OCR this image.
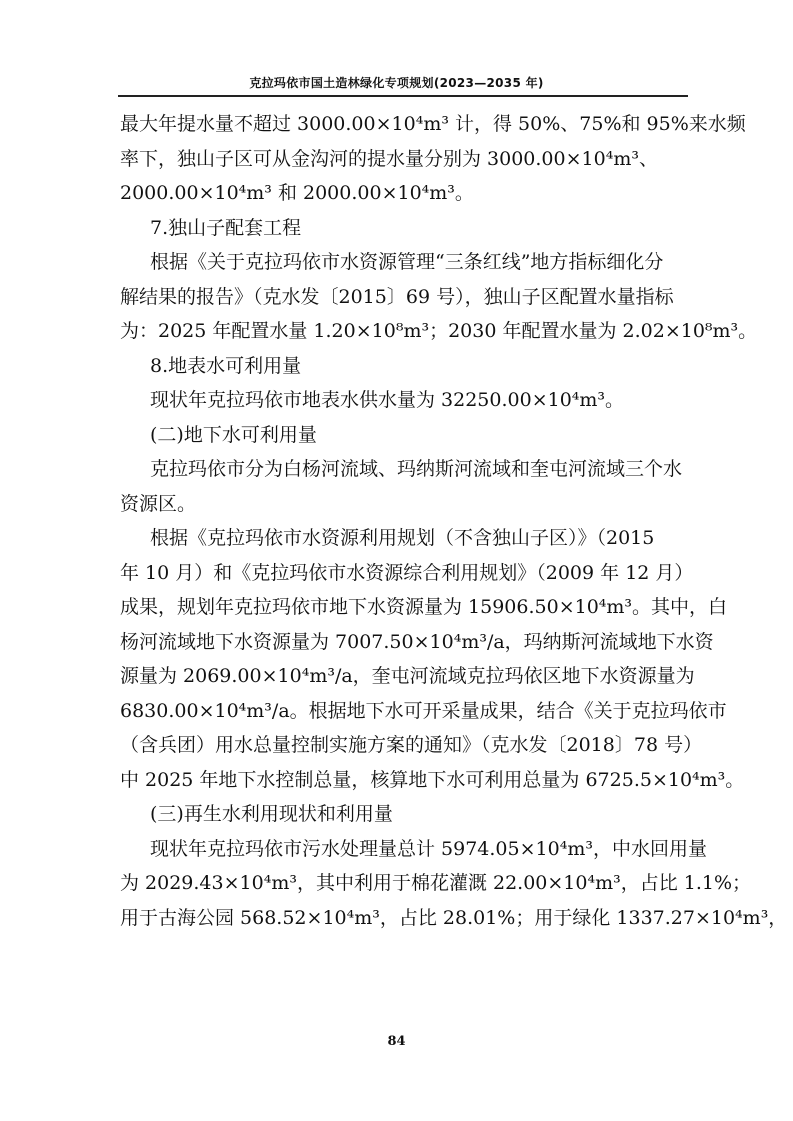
克拉玛依市国土造林绿化专项规划(2023—2035 年)
最大年提水量不超过 3000.00×10⁴m³ 计，得 50%、75%和 95%来水频
率下，独山子区可从金沟河的提水量分别为 3000.00×10⁴m³、
2000.00×10⁴m³ 和 2000.00×10⁴m³。
7.独山子配套工程
根据《关于克拉玛依市水资源管理“三条红线”地方指标细化分
解结果的报告》（克水发〔2015〕69 号），独山子区配置水量指标
为：2025 年配置水量 1.20×10⁸m³；2030 年配置水量为 2.02×10⁸m³。
8.地表水可利用量
现状年克拉玛依市地表水供水量为 32250.00×10⁴m³。
(二)地下水可利用量
克拉玛依市分为白杨河流域、玛纳斯河流域和奎屯河流域三个水
资源区。
根据《克拉玛依市水资源利用规划（不含独山子区）》（2015
年 10 月）和《克拉玛依市水资源综合利用规划》（2009 年 12 月）
成果，规划年克拉玛依市地下水资源量为 15906.50×10⁴m³。其中，白
杨河流域地下水资源量为 7007.50×10⁴m³/a，玛纳斯河流域地下水资
源量为 2069.00×10⁴m³/a，奎屯河流域克拉玛依区地下水资源量为
6830.00×10⁴m³/a。根据地下水可开采量成果，结合《关于克拉玛依市
（含兵团）用水总量控制实施方案的通知》（克水发〔2018〕78 号）
中 2025 年地下水控制总量，核算地下水可利用总量为 6725.5×10⁴m³。
(三)再生水利用现状和利用量
现状年克拉玛依市污水处理量总计 5974.05×10⁴m³，中水回用量
为 2029.43×10⁴m³，其中利用于棉花灌溉 22.00×10⁴m³，占比 1.1%；
用于古海公园 568.52×10⁴m³，占比 28.01%；用于绿化 1337.27×10⁴m³，
84
